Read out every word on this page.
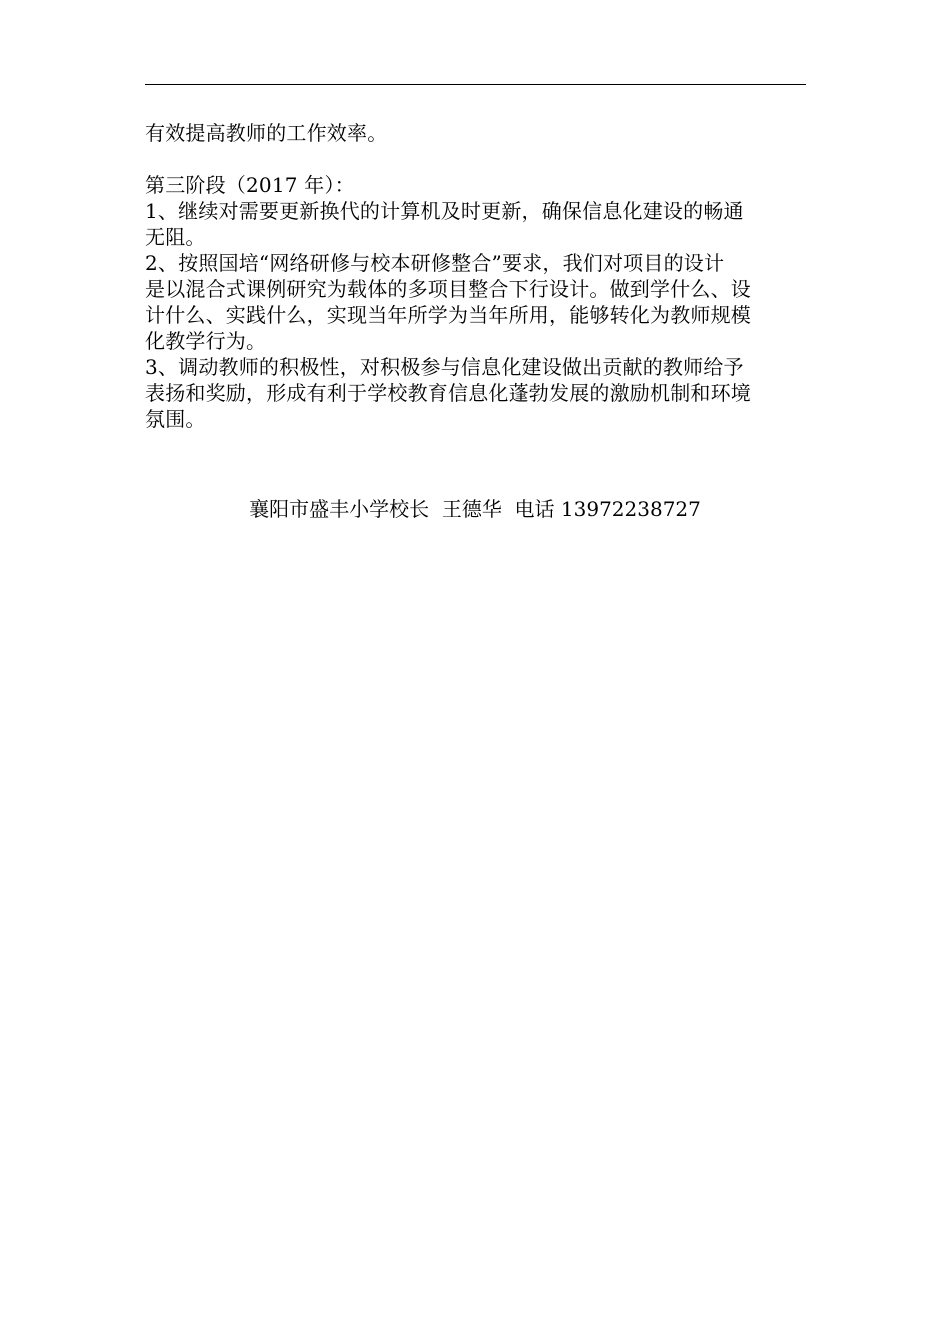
有效提高教师的工作效率。
第三阶段（2017 年）：
1、继续对需要更新换代的计算机及时更新，确保信息化建设的畅通
无阻。
2、按照国培“网络研修与校本研修整合”要求，我们对项目的设计
是以混合式课例研究为载体的多项目整合下行设计。做到学什么、设
计什么、实践什么，实现当年所学为当年所用，能够转化为教师规模
化教学行为。
3、调动教师的积极性，对积极参与信息化建设做出贡献的教师给予
表扬和奖励，形成有利于学校教育信息化蓬勃发展的激励机制和环境
氛围。
襄阳市盛丰小学校长  王德华  电话 13972238727
